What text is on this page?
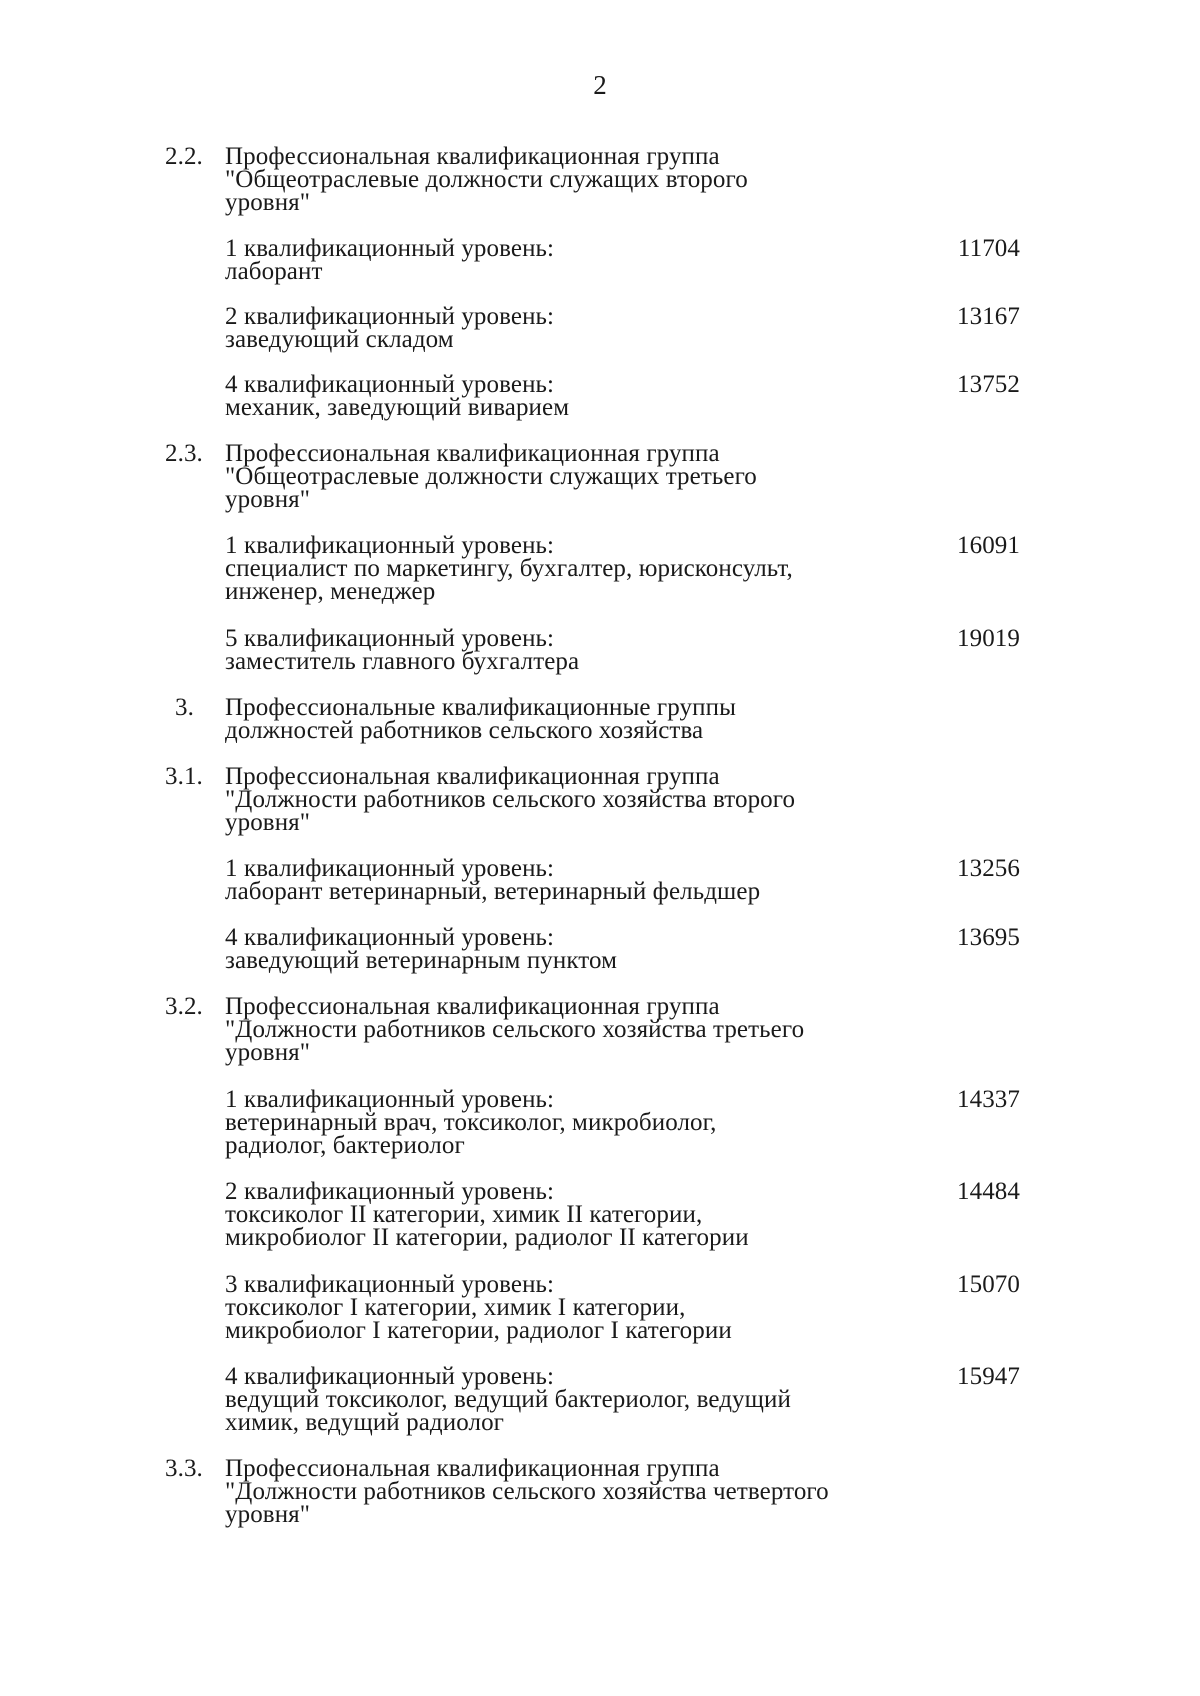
2
2.2. Профессиональная квалификационная группа
"Общеотраслевые должности служащих второго
уровня"
1 квалификационный уровень:	11704
лаборант
2 квалификационный уровень:	13167
заведующий складом
4 квалификационный уровень:	13752
механик, заведующий виварием
2.3. Профессиональная квалификационная группа
"Общеотраслевые должности служащих третьего
уровня"
1 квалификационный уровень:	16091
специалист по маркетингу, бухгалтер, юрисконсульт,
инженер, менеджер
5 квалификационный уровень:	19019
заместитель главного бухгалтера
3. Профессиональные квалификационные группы
должностей работников сельского хозяйства
3.1. Профессиональная квалификационная группа
"Должности работников сельского хозяйства второго
уровня"
1 квалификационный уровень:	13256
лаборант ветеринарный, ветеринарный фельдшер
4 квалификационный уровень:	13695
заведующий ветеринарным пунктом
3.2. Профессиональная квалификационная группа
"Должности работников сельского хозяйства третьего
уровня"
1 квалификационный уровень:	14337
ветеринарный врач, токсиколог, микробиолог,
радиолог, бактериолог
2 квалификационный уровень:	14484
токсиколог II категории, химик II категории,
микробиолог II категории, радиолог II категории
3 квалификационный уровень:	15070
токсиколог I категории, химик I категории,
микробиолог I категории, радиолог I категории
4 квалификационный уровень:	15947
ведущий токсиколог, ведущий бактериолог, ведущий
химик, ведущий радиолог
3.3. Профессиональная квалификационная группа
"Должности работников сельского хозяйства четвертого
уровня"
